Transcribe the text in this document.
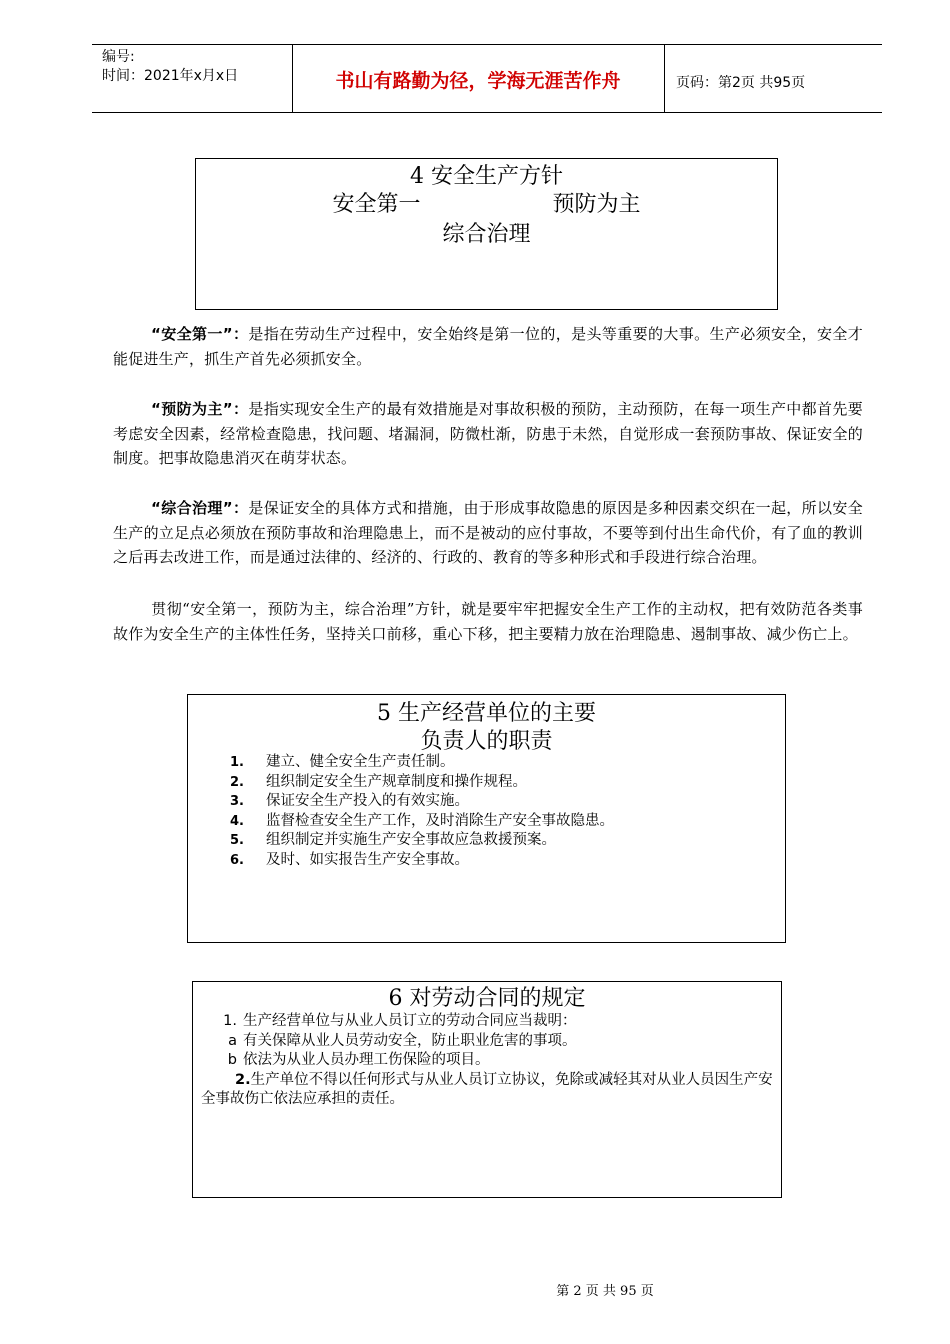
编号:
时间：2021年x月x日	书山有路勤为径，学海无涯苦作舟	页码：第2页 共95页
4 安全生产方针
安全第一	预防为主
综合治理
“安全第一”：是指在劳动生产过程中，安全始终是第一位的，是头等重要的大事。生产必须安全，安全才能促进生产，抓生产首先必须抓安全。
“预防为主”：是指实现安全生产的最有效措施是对事故积极的预防，主动预防，在每一项生产中都首先要考虑安全因素，经常检查隐患，找问题、堵漏洞，防微杜渐，防患于未然，自觉形成一套预防事故、保证安全的制度。把事故隐患消灭在萌芽状态。
“综合治理”：是保证安全的具体方式和措施，由于形成事故隐患的原因是多种因素交织在一起，所以安全生产的立足点必须放在预防事故和治理隐患上，而不是被动的应付事故，不要等到付出生命代价，有了血的教训之后再去改进工作，而是通过法律的、经济的、行政的、教育的等多种形式和手段进行综合治理。
贯彻“安全第一，预防为主，综合治理”方针，就是要牢牢把握安全生产工作的主动权，把有效防范各类事故作为安全生产的主体性任务，坚持关口前移，重心下移，把主要精力放在治理隐患、遏制事故、减少伤亡上。
5 生产经营单位的主要
负责人的职责
1. 建立、健全安全生产责任制。
2. 组织制定安全生产规章制度和操作规程。
3. 保证安全生产投入的有效实施。
4. 监督检查安全生产工作，及时消除生产安全事故隐患。
5. 组织制定并实施生产安全事故应急救援预案。
6. 及时、如实报告生产安全事故。
6 对劳动合同的规定
1. 生产经营单位与从业人员订立的劳动合同应当裁明：
a 有关保障从业人员劳动安全，防止职业危害的事项。
b 依法为从业人员办理工伤保险的项目。
2.生产单位不得以任何形式与从业人员订立协议，免除或减轻其对从业人员因生产安全事故伤亡依法应承担的责任。
第 2 页 共 95 页
